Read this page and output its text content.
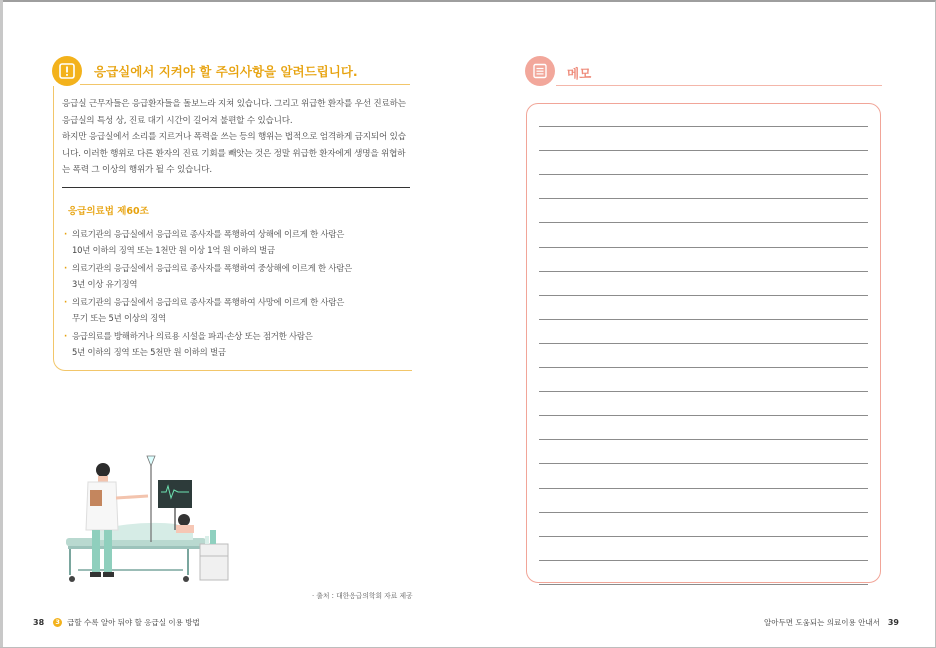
응급실에서 지켜야 할 주의사항을 알려드립니다.
응급실 근무자들은 응급환자들을 돌보느라 지쳐 있습니다. 그리고 위급한 환자를 우선 진료하는 응급실의 특성 상, 진료 대기 시간이 길어져 불편할 수 있습니다.
하지만 응급실에서 소리를 지르거나 폭력을 쓰는 등의 행위는 법적으로 엄격하게 금지되어 있습니다. 이러한 행위로 다른 환자의 진료 기회를 빼앗는 것은 정말 위급한 환자에게 생명을 위협하는 폭력 그 이상의 행위가 될 수 있습니다.
응급의료법 제60조
· 의료기관의 응급실에서 응급의료 종사자를 폭행하여 상해에 이르게 한 사람은
10년 이하의 징역 또는 1천만 원 이상 1억 원 이하의 벌금
· 의료기관의 응급실에서 응급의료 종사자를 폭행하여 중상해에 이르게 한 사람은
3년 이상 유기징역
· 의료기관의 응급실에서 응급의료 종사자를 폭행하여 사망에 이르게 한 사람은
무기 또는 5년 이상의 징역
· 응급의료를 방해하거나 의료용 시설을 파괴·손상 또는 점거한 사람은
5년 이하의 징역 또는 5천만 원 이하의 벌금
· 출처 : 대한응급의학회 자료 제공
메모
38	3 급할 수록 알아 둬야 할 응급실 이용 방법	알아두면 도움되는 의료이용 안내서 39
